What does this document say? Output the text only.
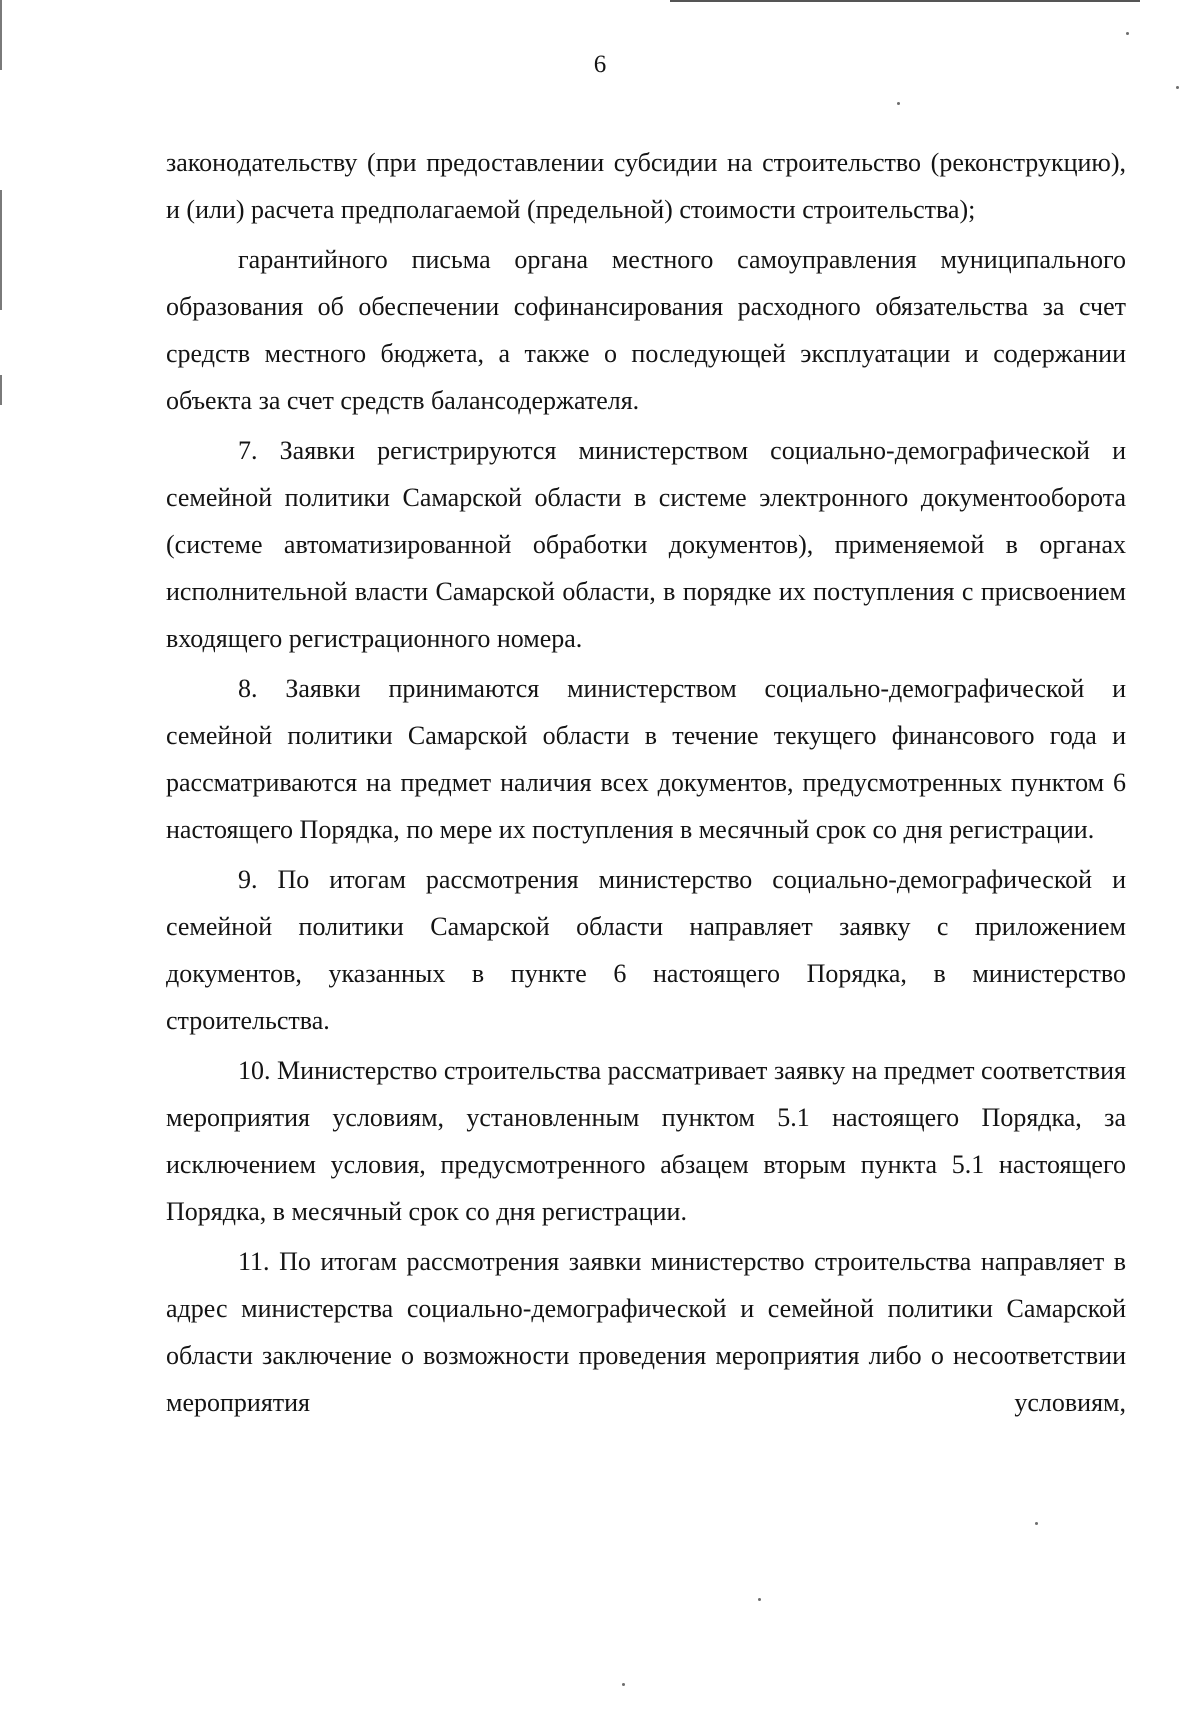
6

законодательству (при предоставлении субсидии на строительство (реконструкцию), и (или) расчета предполагаемой (предельной) стоимости строительства);

гарантийного письма органа местного самоуправления муниципального образования об обеспечении софинансирования расходного обязательства за счет средств местного бюджета, а также о последующей эксплуатации и содержании объекта за счет средств балансодержателя.

7. Заявки регистрируются министерством социально-демографической и семейной политики Самарской области в системе электронного документооборота (системе автоматизированной обработки документов), применяемой в органах исполнительной власти Самарской области, в порядке их поступления с присвоением входящего регистрационного номера.

8. Заявки принимаются министерством социально-демографической и семейной политики Самарской области в течение текущего финансового года и рассматриваются на предмет наличия всех документов, предусмотренных пунктом 6 настоящего Порядка, по мере их поступления в месячный срок со дня регистрации.

9. По итогам рассмотрения министерство социально-демографической и семейной политики Самарской области направляет заявку с приложением документов, указанных в пункте 6 настоящего Порядка, в министерство строительства.

10. Министерство строительства рассматривает заявку на предмет соответствия мероприятия условиям, установленным пунктом 5.1 настоящего Порядка, за исключением условия, предусмотренного абзацем вторым пункта 5.1 настоящего Порядка, в месячный срок со дня регистрации.

11. По итогам рассмотрения заявки министерство строительства направляет в адрес министерства социально-демографической и семейной политики Самарской области заключение о возможности проведения мероприятия либо о несоответствии мероприятия условиям,
